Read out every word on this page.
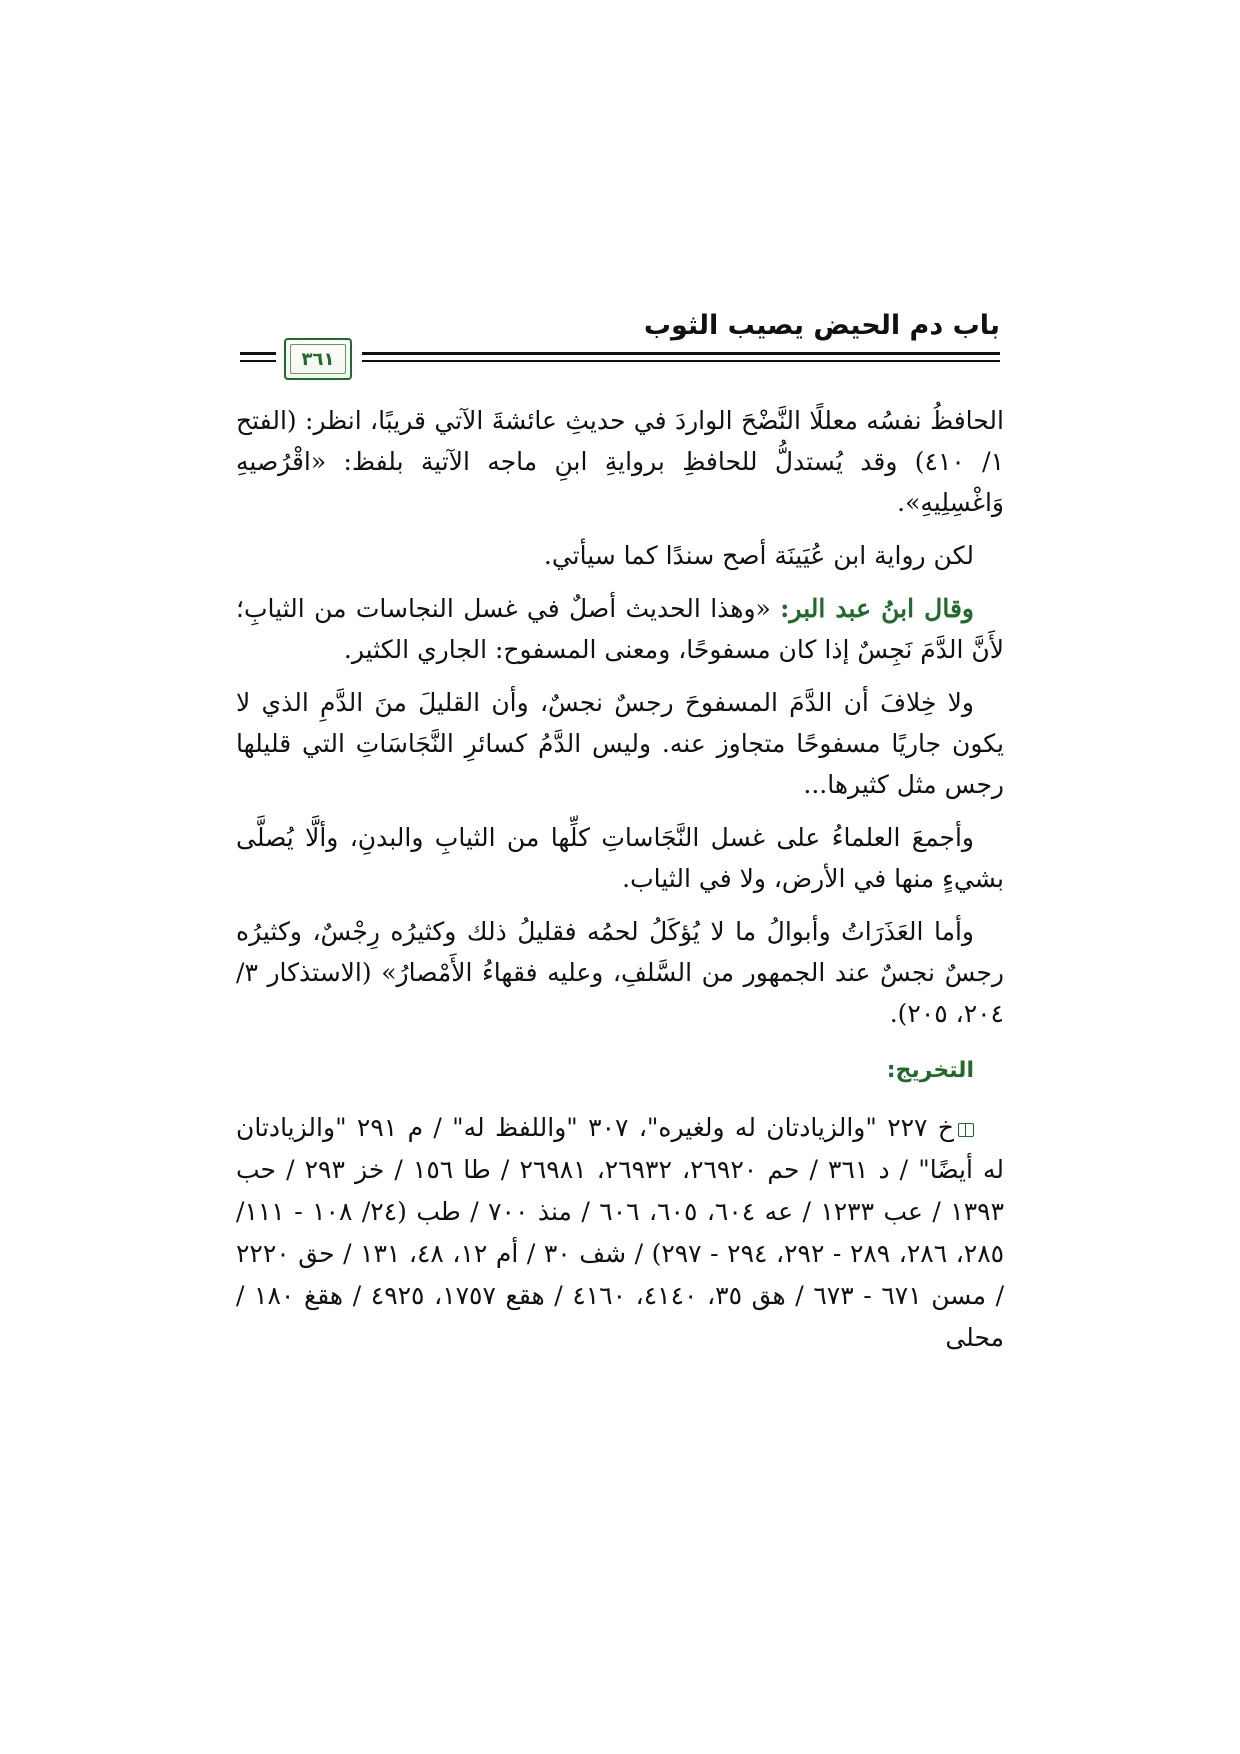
باب دم الحيض يصيب الثوب
٣٦١

الحافظُ نفسُه معللًا النَّضْحَ الواردَ في حديثِ عائشةَ الآتي قريبًا، انظر: (الفتح ١/ ٤١٠) وقد يُستدلُّ للحافظِ بروايةِ ابنِ ماجه الآتية بلفظ: «اقْرُصيهِ وَاغْسِلِيهِ».

لكن رواية ابن عُيَينَة أصح سندًا كما سيأتي.

وقال ابنُ عبد البر: «وهذا الحديث أصلٌ في غسل النجاسات من الثيابِ؛ لأَنَّ الدَّمَ نَجِسٌ إذا كان مسفوحًا، ومعنى المسفوح: الجاري الكثير.

ولا خِلافَ أن الدَّمَ المسفوحَ رجسٌ نجسٌ، وأن القليلَ منَ الدَّمِ الذي لا يكون جاريًا مسفوحًا متجاوز عنه. وليس الدَّمُ كسائرِ النَّجَاسَاتِ التي قليلها رجس مثل كثيرها...

وأجمعَ العلماءُ على غسل النَّجَاساتِ كلِّها من الثيابِ والبدنِ، وألَّا يُصلَّى بشيءٍ منها في الأرض، ولا في الثياب.

وأما العَذَرَاتُ وأبوالُ ما لا يُؤكَلُ لحمُه فقليلُ ذلك وكثيرُه رِجْسٌ، وكثيرُه رجسٌ نجسٌ عند الجمهور من السَّلفِ، وعليه فقهاءُ الأَمْصارُ» (الاستذكار ٣/ ٢٠٤، ٢٠٥).

التخريج:

خ ٢٢٧ "والزيادتان له ولغيره"، ٣٠٧ "واللفظ له" / م ٢٩١ "والزيادتان له أيضًا" / د ٣٦١ / حم ٢٦٩٢٠، ٢٦٩٣٢، ٢٦٩٨١ / طا ١٥٦ / خز ٢٩٣ / حب ١٣٩٣ / عب ١٢٣٣ / عه ٦٠٤، ٦٠٥، ٦٠٦ / منذ ٧٠٠ / طب (٢٤/ ١٠٨ - ١١١/ ٢٨٥، ٢٨٦، ٢٨٩ - ٢٩٢، ٢٩٤ - ٢٩٧) / شف ٣٠ / أم ١٢، ٤٨، ١٣١ / حق ٢٢٢٠ / مسن ٦٧١ - ٦٧٣ / هق ٣٥، ٤١٤٠، ٤١٦٠ / هقع ١٧٥٧، ٤٩٢٥ / هقغ ١٨٠ / محلى
